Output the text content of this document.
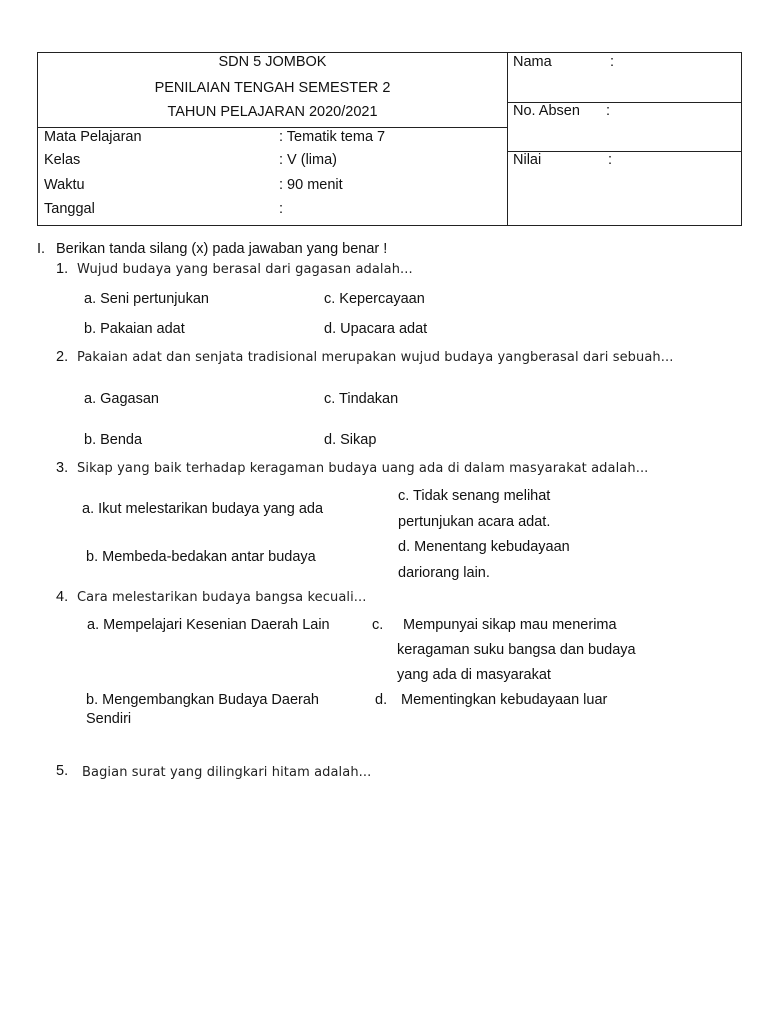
SDN 5 JOMBOK
PENILAIAN TENGAH SEMESTER 2
TAHUN PELAJARAN 2020/2021
Mata Pelajaran	: Tematik tema 7
Kelas	: V (lima)
Waktu	: 90 menit
Tanggal	:
Nama	:
No. Absen :
Nilai	:
I. Berikan tanda silang (x) pada jawaban yang benar !
1. Wujud budaya yang berasal dari gagasan adalah...
a. Seni pertunjukan	c. Kepercayaan
b. Pakaian adat	d. Upacara adat
2. Pakaian adat dan senjata tradisional merupakan wujud budaya yangberasal dari sebuah...
a. Gagasan	c. Tindakan
b. Benda	d. Sikap
3. Sikap yang baik terhadap keragaman budaya uang ada di dalam masyarakat adalah...
a. Ikut melestarikan budaya yang ada
c. Tidak senang melihat
pertunjukan acara adat.
b. Membeda-bedakan antar budaya
d. Menentang kebudayaan
dariorang lain.
4. Cara melestarikan budaya bangsa kecuali...
a. Mempelajari Kesenian Daerah Lain	c. Mempunyai sikap mau menerima
keragaman suku bangsa dan budaya
yang ada di masyarakat
b. Mengembangkan Budaya Daerah
Sendiri
d. Mementingkan kebudayaan luar
5. Bagian surat yang dilingkari hitam adalah...
